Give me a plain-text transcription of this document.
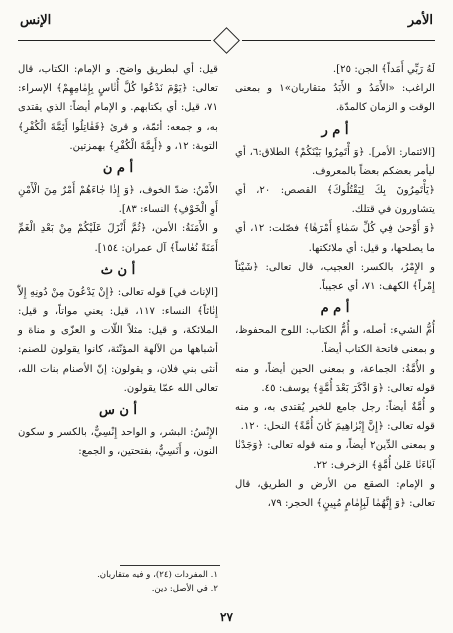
الأمر
الإنس

لَهُ رَبِّي أَمَداً﴾ الجن: ٢٥].

الراغب: «الأَمَدُ و الأَبَدُ متقاربان»١ و بمعنى الوقت و الزمان كالمدّة.

أ م ر

[الائتمار: الأمر]. ﴿وَ أْتَمِرُوا بَيْنَكُمْ﴾ الطلاق:٦، أي ليأمر بعضكم بعضاً بالمعروف.

﴿يَأْتَمِرُونَ بِكَ لِيَقْتُلُوكَ﴾ القصص: ٢٠، أي يتشاورون في قتلك.

﴿وَ أَوْحىٰ فِي كُلِّ سَمٰاءٍ أَمْرَهٰا﴾ فصّلت: ١٢، أي ما يصلحها، و قيل: أي ملائكتها.

و الإِمْرُ، بالكسر: العجيب، قال تعالى: ﴿شَيْئاً إِمْراً﴾ الكهف: ٧١، أي عجيباً.

أ م م

أُمُّ الشيء: أصله، و أُمُّ الكتاب: اللوح المحفوظ، و بمعنى فاتحة الكتاب أيضاً.

و الأُمَّةُ: الجماعة، و بمعنى الحين أيضاً، و منه قوله تعالى: ﴿وَ ادَّكَرَ بَعْدَ أُمَّةٍ﴾ يوسف: ٤٥.

و أُمَّةٌ أيضاً: رجل جامع للخير يُقتدى به، و منه قوله تعالى: ﴿إِنَّ إِبْرٰاهِيمَ كٰانَ أُمَّةً﴾ النحل: ١٢٠.

و بمعنى الدِّين٢ أيضاً، و منه قوله تعالى: ﴿وَجَدْنٰا آبٰاءَنٰا عَلىٰ أُمَّةٍ﴾ الزخرف: ٢٢.

و الإمام: الصقع من الأرض و الطريق، قال تعالى: ﴿وَ إِنَّهُمٰا لَبِإِمٰامٍ مُبِينٍ﴾ الحجر: ٧٩،

قيل: أي لبطريق واضح. و الإمام: الكتاب، قال تعالى: ﴿يَوْمَ نَدْعُوا كُلَّ أُنٰاسٍ بِإِمٰامِهِمْ﴾ الإسراء: ٧١، قيل: أي بكتابهم. و الإمام أيضاً: الذي يقتدى به، و جمعه: أئمّة، و قرئ ﴿فَقٰاتِلُوا أَئِمَّةَ الْكُفْرِ﴾ التوبة: ١٢، و ﴿أَيِمَّةَ الْكُفْرِ﴾ بهمزتين.

أ م ن

الأَمْنُ: ضدّ الخوف، ﴿وَ إِذٰا جٰاءَهُمْ أَمْرٌ مِنَ الْأَمْنِ أَوِ الْخَوْفِ﴾ النساء: ٨٣].

و الأَمَنَةُ: الأمن، ﴿ثُمَّ أَنْزَلَ عَلَيْكُمْ مِنْ بَعْدِ الْغَمِّ أَمَنَةً نُعٰاساً﴾ آل عمران: ١٥٤].

أ ن ث

[الإناث في] قوله تعالى: ﴿إِنْ يَدْعُونَ مِنْ دُونِهِ إِلاّٰ إِنٰاثاً﴾ النساء: ١١٧، قيل: يعني مواتاً، و قيل: الملائكة، و قيل: مثلاً اللّات و العزّى و مناة و أشباهها من الآلهة المؤنّثة، كانوا يقولون للصنم: أنثى بني فلان، و يقولون: إنّ الأصنام بنات الله، تعالى الله عمّا يقولون.

أ ن س

الإِنْسُ: البشر، و الواحد إِنْسِيٌّ، بالكسر و سكون النون، و أَنَسِيٌّ، بفتحتين، و الجمع:

١. المفردات (٢٤)، و فيه متقاربان.

٢. في الأصل: دين.

٢٧
